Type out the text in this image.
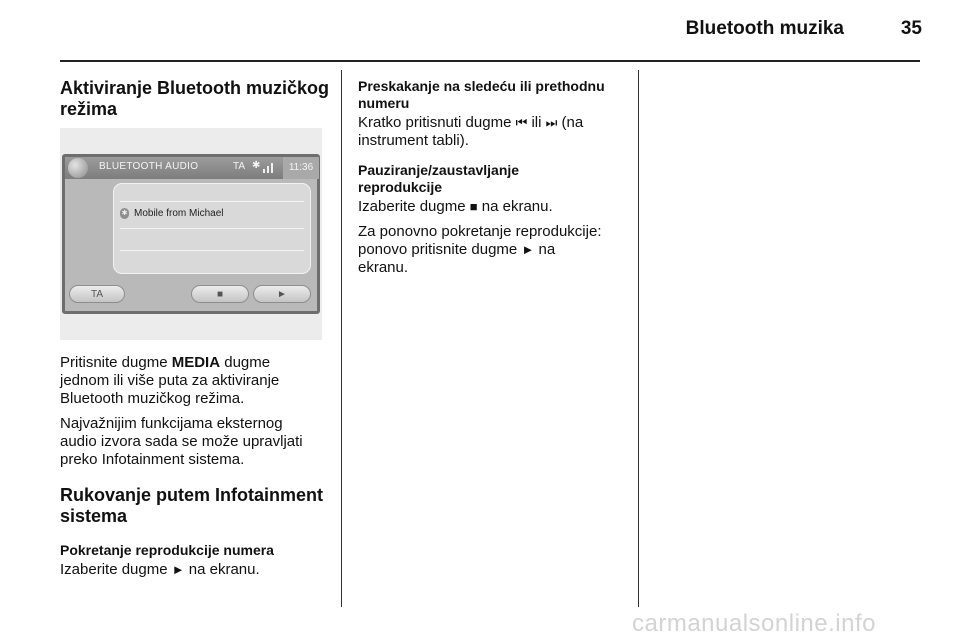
Bluetooth muzika	35
Aktiviranje Bluetooth muzičkog
režima
BLUETOOTH AUDIO	TA ✱	11:36
✱ Mobile from Michael
TA	■	►

Pritisnite dugme MEDIA dugme
jednom ili više puta za aktiviranje
Bluetooth muzičkog režima.

Najvažnijim funkcijama eksternog
audio izvora sada se može upravljati
preko Infotainment sistema.

Rukovanje putem Infotainment
sistema
Pokretanje reprodukcije numera

Izaberite dugme ► na ekranu.

Preskakanje na sledeću ili prethodnu
numeru

Kratko pritisnuti dugme ⏮ ili ⏭ (na
instrument tabli).

Pauziranje/zaustavljanje
reprodukcije

Izaberite dugme ■ na ekranu.

Za ponovno pokretanje reprodukcije:
ponovo pritisnite dugme ► na
ekranu.

carmanualsonline.info
